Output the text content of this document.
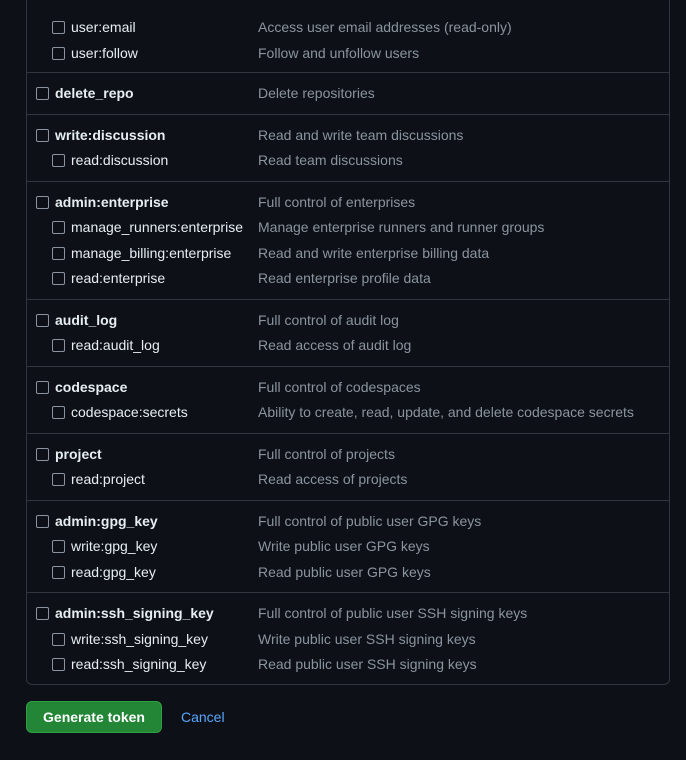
user:email	Access user email addresses (read-only)
user:follow	Follow and unfollow users
delete_repo	Delete repositories
write:discussion	Read and write team discussions
read:discussion	Read team discussions
admin:enterprise	Full control of enterprises
manage_runners:enterprise Manage enterprise runners and runner groups
manage_billing:enterprise Read and write enterprise billing data
read:enterprise	Read enterprise profile data
audit_log	Full control of audit log
read:audit_log	Read access of audit log
codespace	Full control of codespaces
codespace:secrets	Ability to create, read, update, and delete codespace secrets
project	Full control of projects
read:project	Read access of projects
admin:gpg_key	Full control of public user GPG keys
write:gpg_key	Write public user GPG keys
read:gpg_key	Read public user GPG keys
admin:ssh_signing_key	Full control of public user SSH signing keys
write:ssh_signing_key	Write public user SSH signing keys
read:ssh_signing_key	Read public user SSH signing keys
Generate token	Cancel
